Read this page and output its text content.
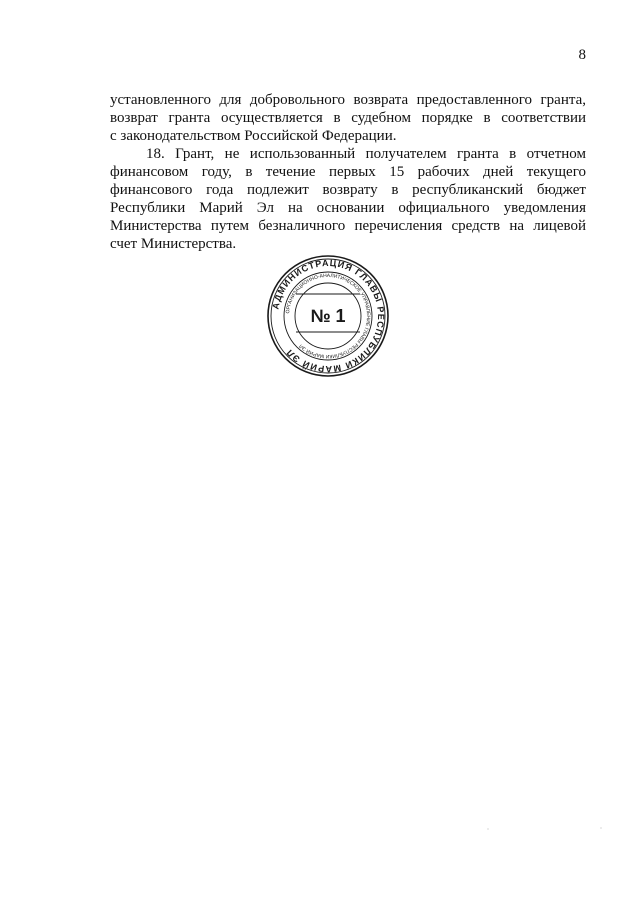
8

установленного для добровольного возврата предоставленного гранта,
возврат гранта осуществляется в судебном порядке в соответствии
с законодательством Российской Федерации.

18. Грант, не использованный получателем гранта в отчетном
финансовом году, в течение первых 15 рабочих дней текущего
финансового года подлежит возврату в республиканский бюджет
Республики Марий Эл на основании официального уведомления
Министерства путем безналичного перечисления средств на лицевой
счет Министерства.

АДМИНИСТРАЦИЯ ГЛАВЫ РЕСПУБЛИКИ МАРИЙ ЭЛ
ОРГАНИЗАЦИОННО-АНАЛИТИЧЕСКОЕ УПРАВЛЕНИЕ ГЛАВЫ РЕСПУБЛИКИ МАРИЙ ЭЛ
№ 1
